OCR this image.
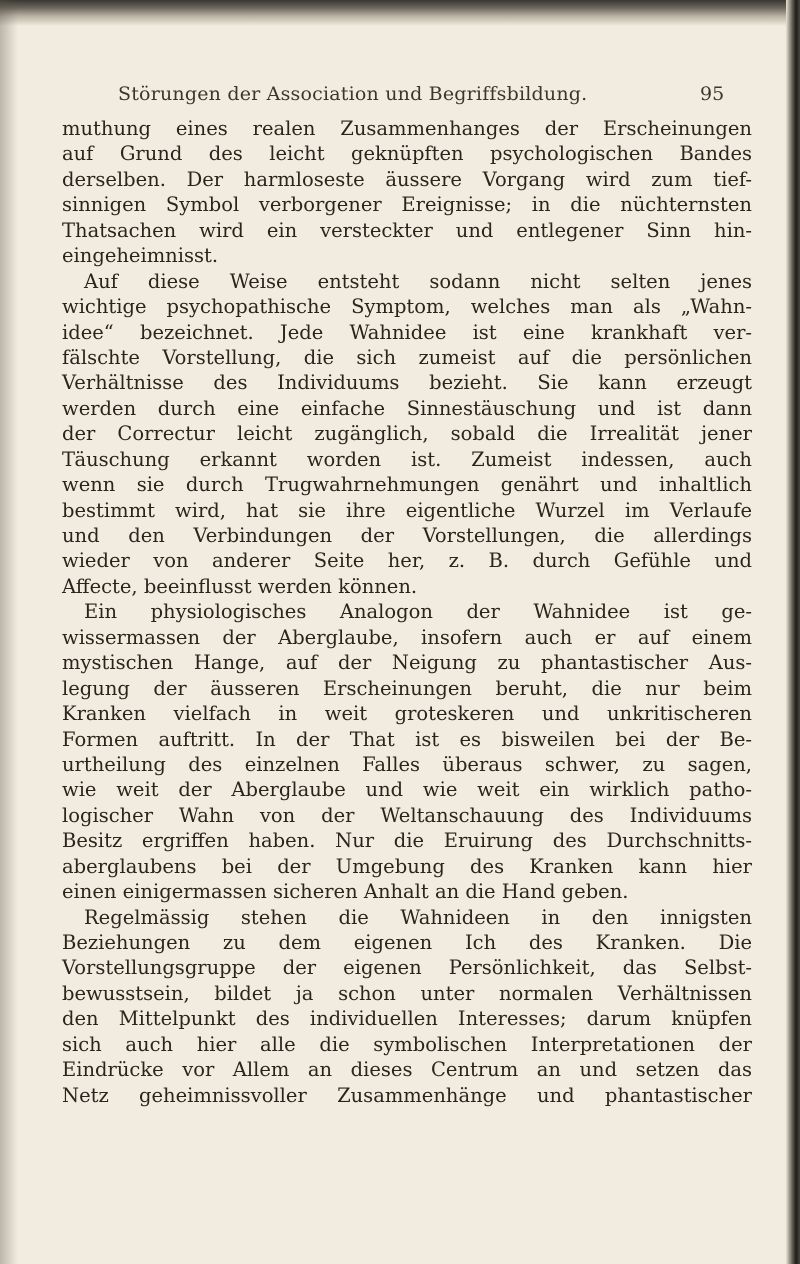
Störungen der Association und Begriffsbildung.	95
muthung eines realen Zusammenhanges der Erscheinungen
auf Grund des leicht geknüpften psychologischen Bandes
derselben. Der harmloseste äussere Vorgang wird zum tief-
sinnigen Symbol verborgener Ereignisse; in die nüchternsten
Thatsachen wird ein versteckter und entlegener Sinn hin-
eingeheimnisst.
Auf diese Weise entsteht sodann nicht selten jenes
wichtige psychopathische Symptom, welches man als „Wahn-
idee“ bezeichnet. Jede Wahnidee ist eine krankhaft ver-
fälschte Vorstellung, die sich zumeist auf die persönlichen
Verhältnisse des Individuums bezieht. Sie kann erzeugt
werden durch eine einfache Sinnestäuschung und ist dann
der Correctur leicht zugänglich, sobald die Irrealität jener
Täuschung erkannt worden ist. Zumeist indessen, auch
wenn sie durch Trugwahrnehmungen genährt und inhaltlich
bestimmt wird, hat sie ihre eigentliche Wurzel im Verlaufe
und den Verbindungen der Vorstellungen, die allerdings
wieder von anderer Seite her, z. B. durch Gefühle und
Affecte, beeinflusst werden können.
Ein physiologisches Analogon der Wahnidee ist ge-
wissermassen der Aberglaube, insofern auch er auf einem
mystischen Hange, auf der Neigung zu phantastischer Aus-
legung der äusseren Erscheinungen beruht, die nur beim
Kranken vielfach in weit groteskeren und unkritischeren
Formen auftritt. In der That ist es bisweilen bei der Be-
urtheilung des einzelnen Falles überaus schwer, zu sagen,
wie weit der Aberglaube und wie weit ein wirklich patho-
logischer Wahn von der Weltanschauung des Individuums
Besitz ergriffen haben. Nur die Eruirung des Durchschnitts-
aberglaubens bei der Umgebung des Kranken kann hier
einen einigermassen sicheren Anhalt an die Hand geben.
Regelmässig stehen die Wahnideen in den innigsten
Beziehungen zu dem eigenen Ich des Kranken. Die
Vorstellungsgruppe der eigenen Persönlichkeit, das Selbst-
bewusstsein, bildet ja schon unter normalen Verhältnissen
den Mittelpunkt des individuellen Interesses; darum knüpfen
sich auch hier alle die symbolischen Interpretationen der
Eindrücke vor Allem an dieses Centrum an und setzen das
Netz geheimnissvoller Zusammenhänge und phantastischer
